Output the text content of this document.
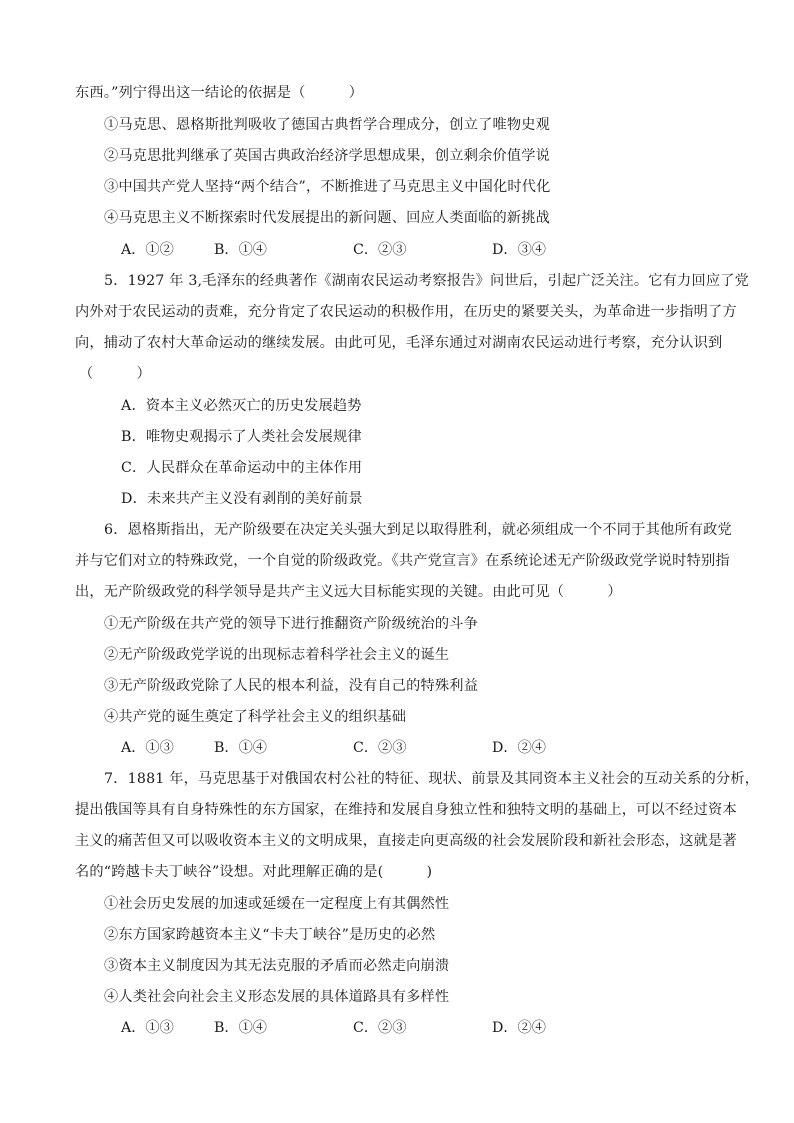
东西。”列宁得出这一结论的依据是（　　　）
①马克思、恩格斯批判吸收了德国古典哲学合理成分，创立了唯物史观
②马克思批判继承了英国古典政治经济学思想成果，创立剩余价值学说
③中国共产党人坚持“两个结合”，不断推进了马克思主义中国化时代化
④马克思主义不断探索时代发展提出的新问题、回应人类面临的新挑战
A．①②	B．①④	C．②③	D．③④
5．1927 年 3,毛泽东的经典著作《湖南农民运动考察报告》问世后，引起广泛关注。它有力回应了党
内外对于农民运动的责难，充分肯定了农民运动的积极作用，在历史的紧要关头，为革命进一步指明了方
向，捕动了农村大革命运动的继续发展。由此可见，毛泽东通过对湖南农民运动进行考察，充分认识到
（　　　）
A．资本主义必然灭亡的历史发展趋势
B．唯物史观揭示了人类社会发展规律
C．人民群众在革命运动中的主体作用
D．未来共产主义没有剥削的美好前景
6．恩格斯指出，无产阶级要在决定关头强大到足以取得胜利，就必须组成一个不同于其他所有政党
并与它们对立的特殊政党，一个自觉的阶级政党。《共产党宣言》在系统论述无产阶级政党学说时特别指
出，无产阶级政党的科学领导是共产主义远大目标能实现的关键。由此可见（　　　）
①无产阶级在共产党的领导下进行推翻资产阶级统治的斗争
②无产阶级政党学说的出现标志着科学社会主义的诞生
③无产阶级政党除了人民的根本利益，没有自己的特殊利益
④共产党的诞生奠定了科学社会主义的组织基础
A．①③	B．①④	C．②③	D．②④
7．1881 年，马克思基于对俄国农村公社的特征、现状、前景及其同资本主义社会的互动关系的分析，
提出俄国等具有自身特殊性的东方国家，在维持和发展自身独立性和独特文明的基础上，可以不经过资本
主义的痛苦但又可以吸收资本主义的文明成果，直接走向更高级的社会发展阶段和新社会形态，这就是著
名的“跨越卡夫丁峡谷”设想。对此理解正确的是(　　　)
①社会历史发展的加速或延缓在一定程度上有其偶然性
②东方国家跨越资本主义“卡夫丁峡谷”是历史的必然
③资本主义制度因为其无法克服的矛盾而必然走向崩溃
④人类社会向社会主义形态发展的具体道路具有多样性
A．①③	B．①④	C．②③	D．②④
